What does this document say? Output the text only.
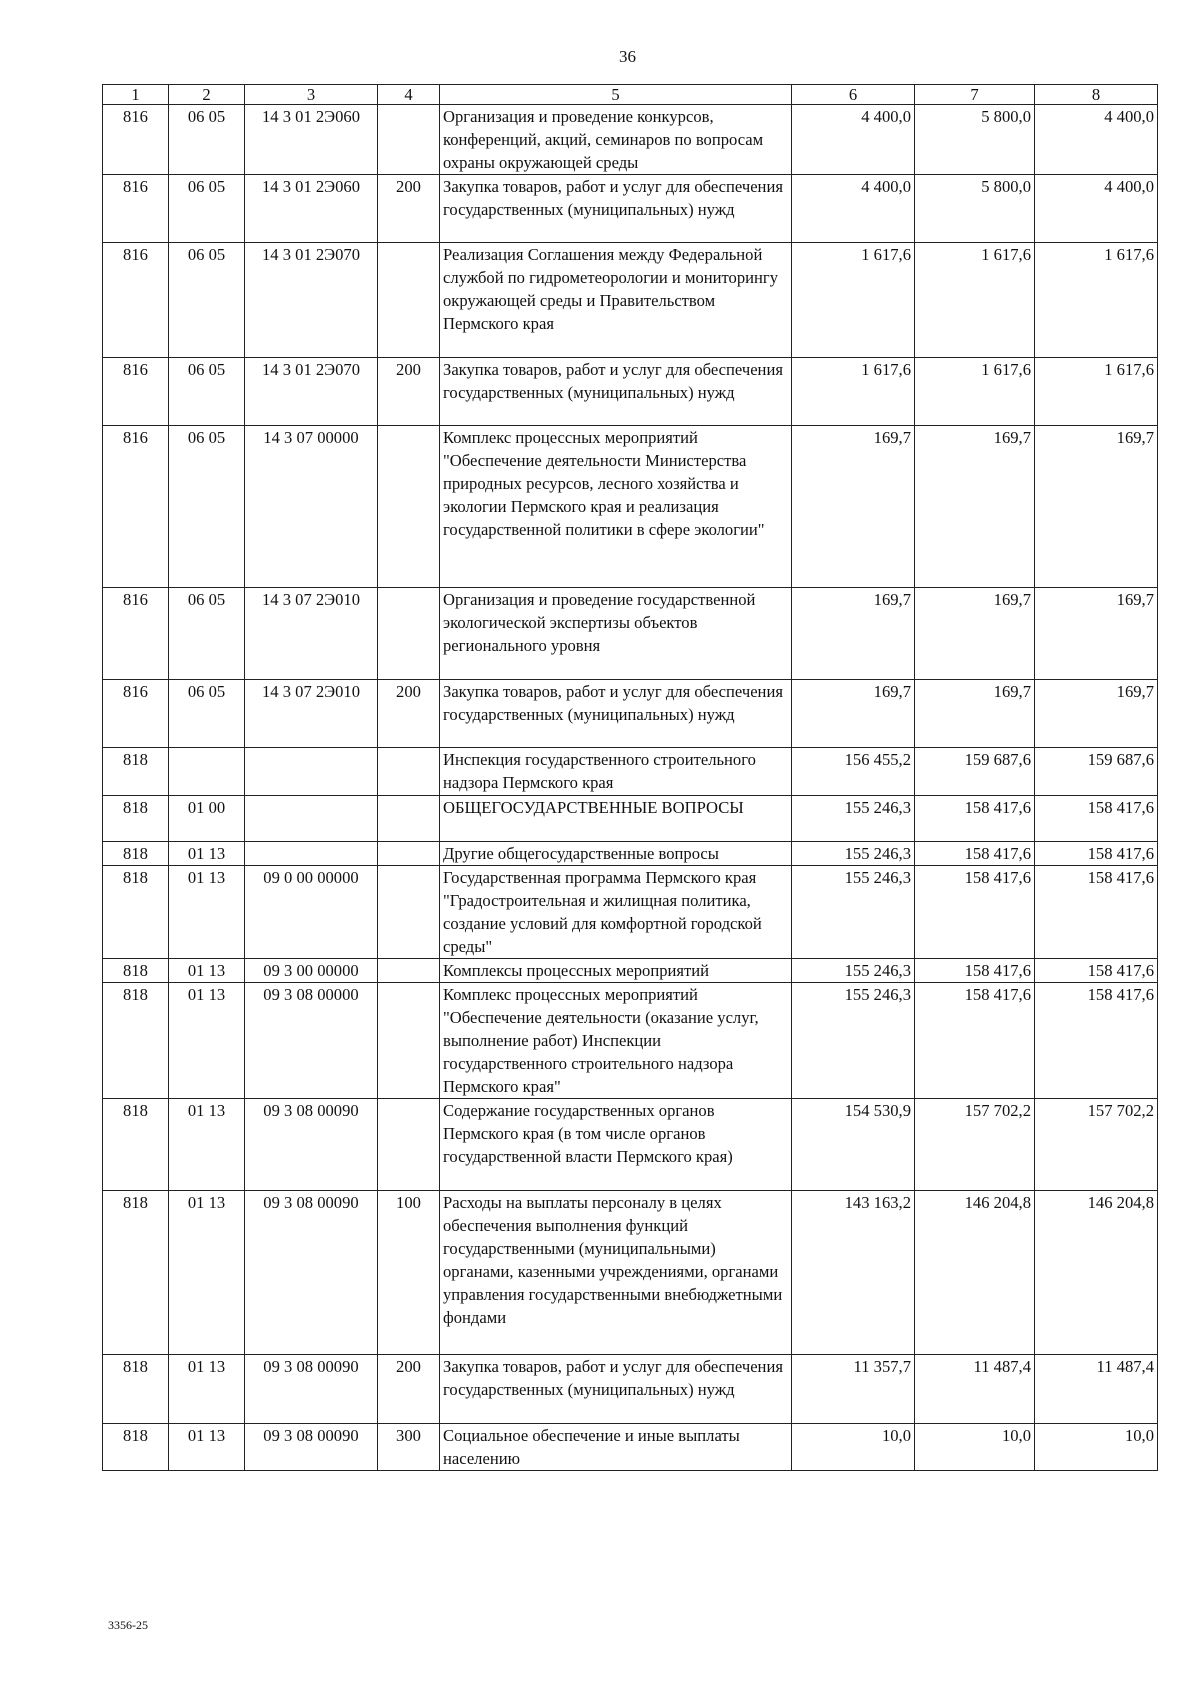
36
1	2	3	4	5	6	7	8
816	06 05	14 3 01 2Э060		Организация и проведение конкурсов, конференций, акций, семинаров по вопросам охраны окружающей среды	4 400,0	5 800,0	4 400,0
816	06 05	14 3 01 2Э060	200	Закупка товаров, работ и услуг для обеспечения государственных (муниципальных) нужд	4 400,0	5 800,0	4 400,0
816	06 05	14 3 01 2Э070		Реализация Соглашения между Федеральной службой по гидрометеорологии и мониторингу окружающей среды и Правительством Пермского края	1 617,6	1 617,6	1 617,6
816	06 05	14 3 01 2Э070	200	Закупка товаров, работ и услуг для обеспечения государственных (муниципальных) нужд	1 617,6	1 617,6	1 617,6
816	06 05	14 3 07 00000		Комплекс процессных мероприятий "Обеспечение деятельности Министерства природных ресурсов, лесного хозяйства и экологии Пермского края и реализация государственной политики в сфере экологии"	169,7	169,7	169,7
816	06 05	14 3 07 2Э010		Организация и проведение государственной экологической экспертизы объектов регионального уровня	169,7	169,7	169,7
816	06 05	14 3 07 2Э010	200	Закупка товаров, работ и услуг для обеспечения государственных (муниципальных) нужд	169,7	169,7	169,7
818				Инспекция государственного строительного надзора Пермского края	156 455,2	159 687,6	159 687,6
818	01 00			ОБЩЕГОСУДАРСТВЕННЫЕ ВОПРОСЫ	155 246,3	158 417,6	158 417,6
818	01 13			Другие общегосударственные вопросы	155 246,3	158 417,6	158 417,6
818	01 13	09 0 00 00000		Государственная программа Пермского края "Градостроительная и жилищная политика, создание условий для комфортной городской среды"	155 246,3	158 417,6	158 417,6
818	01 13	09 3 00 00000		Комплексы процессных мероприятий	155 246,3	158 417,6	158 417,6
818	01 13	09 3 08 00000		Комплекс процессных мероприятий "Обеспечение деятельности (оказание услуг, выполнение работ) Инспекции государственного строительного надзора Пермского края"	155 246,3	158 417,6	158 417,6
818	01 13	09 3 08 00090		Содержание государственных органов Пермского края (в том числе органов государственной власти Пермского края)	154 530,9	157 702,2	157 702,2
818	01 13	09 3 08 00090	100	Расходы на выплаты персоналу в целях обеспечения выполнения функций государственными (муниципальными) органами, казенными учреждениями, органами управления государственными внебюджетными фондами	143 163,2	146 204,8	146 204,8
818	01 13	09 3 08 00090	200	Закупка товаров, работ и услуг для обеспечения государственных (муниципальных) нужд	11 357,7	11 487,4	11 487,4
818	01 13	09 3 08 00090	300	Социальное обеспечение и иные выплаты населению	10,0	10,0	10,0
3356-25
